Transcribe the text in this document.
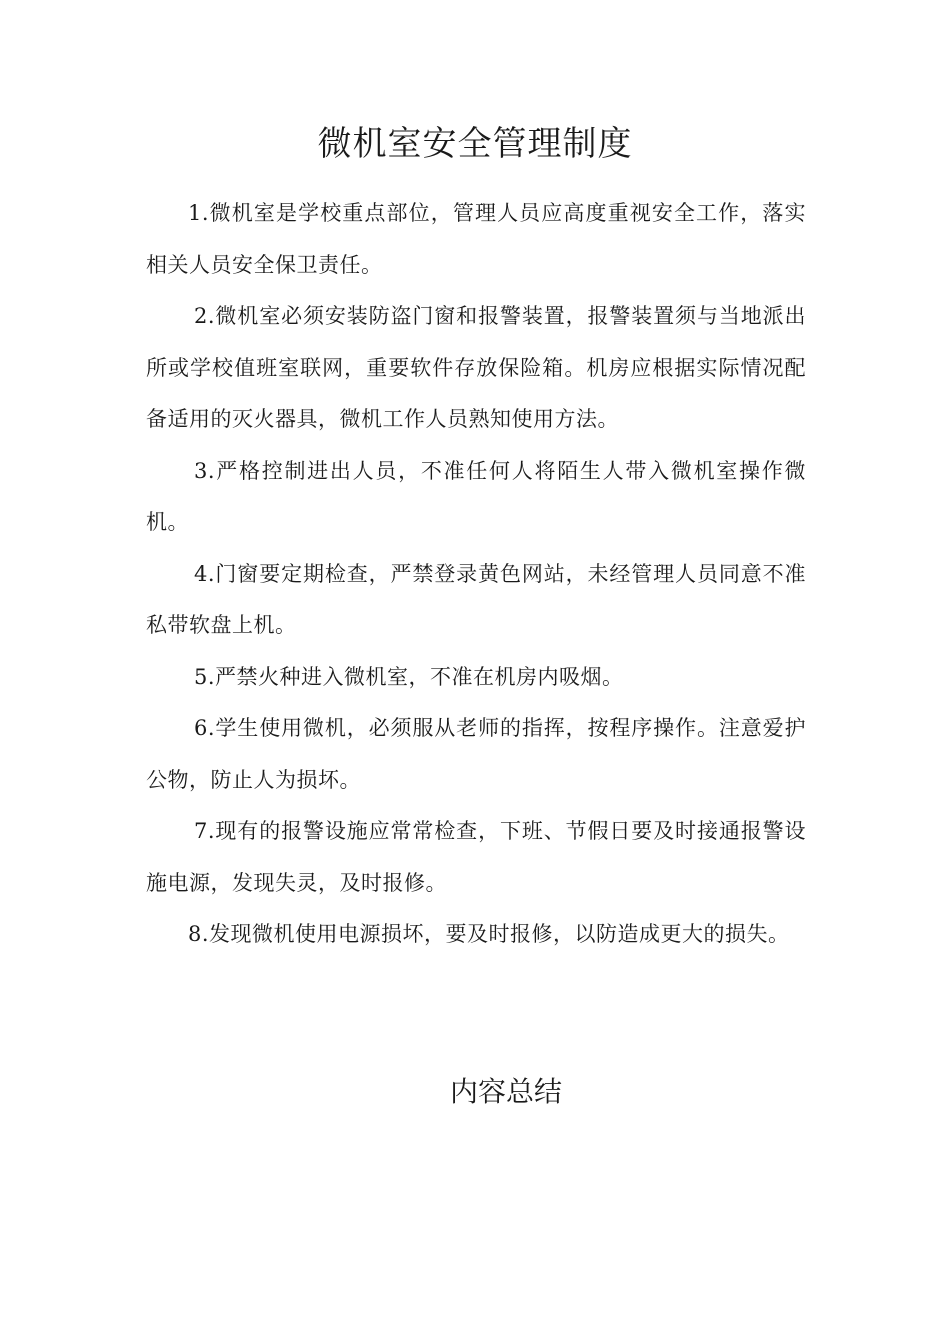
微机室安全管理制度

1.微机室是学校重点部位，管理人员应高度重视安全工作，落实相关人员安全保卫责任。

2.微机室必须安装防盗门窗和报警装置，报警装置须与当地派出所或学校值班室联网，重要软件存放保险箱。机房应根据实际情况配备适用的灭火器具，微机工作人员熟知使用方法。

3.严格控制进出人员，不准任何人将陌生人带入微机室操作微机。

4.门窗要定期检查，严禁登录黄色网站，未经管理人员同意不准私带软盘上机。

5.严禁火种进入微机室，不准在机房内吸烟。

6.学生使用微机，必须服从老师的指挥，按程序操作。注意爱护公物，防止人为损坏。

7.现有的报警设施应常常检查，下班、节假日要及时接通报警设施电源，发现失灵，及时报修。

8.发现微机使用电源损坏，要及时报修，以防造成更大的损失。

内容总结
